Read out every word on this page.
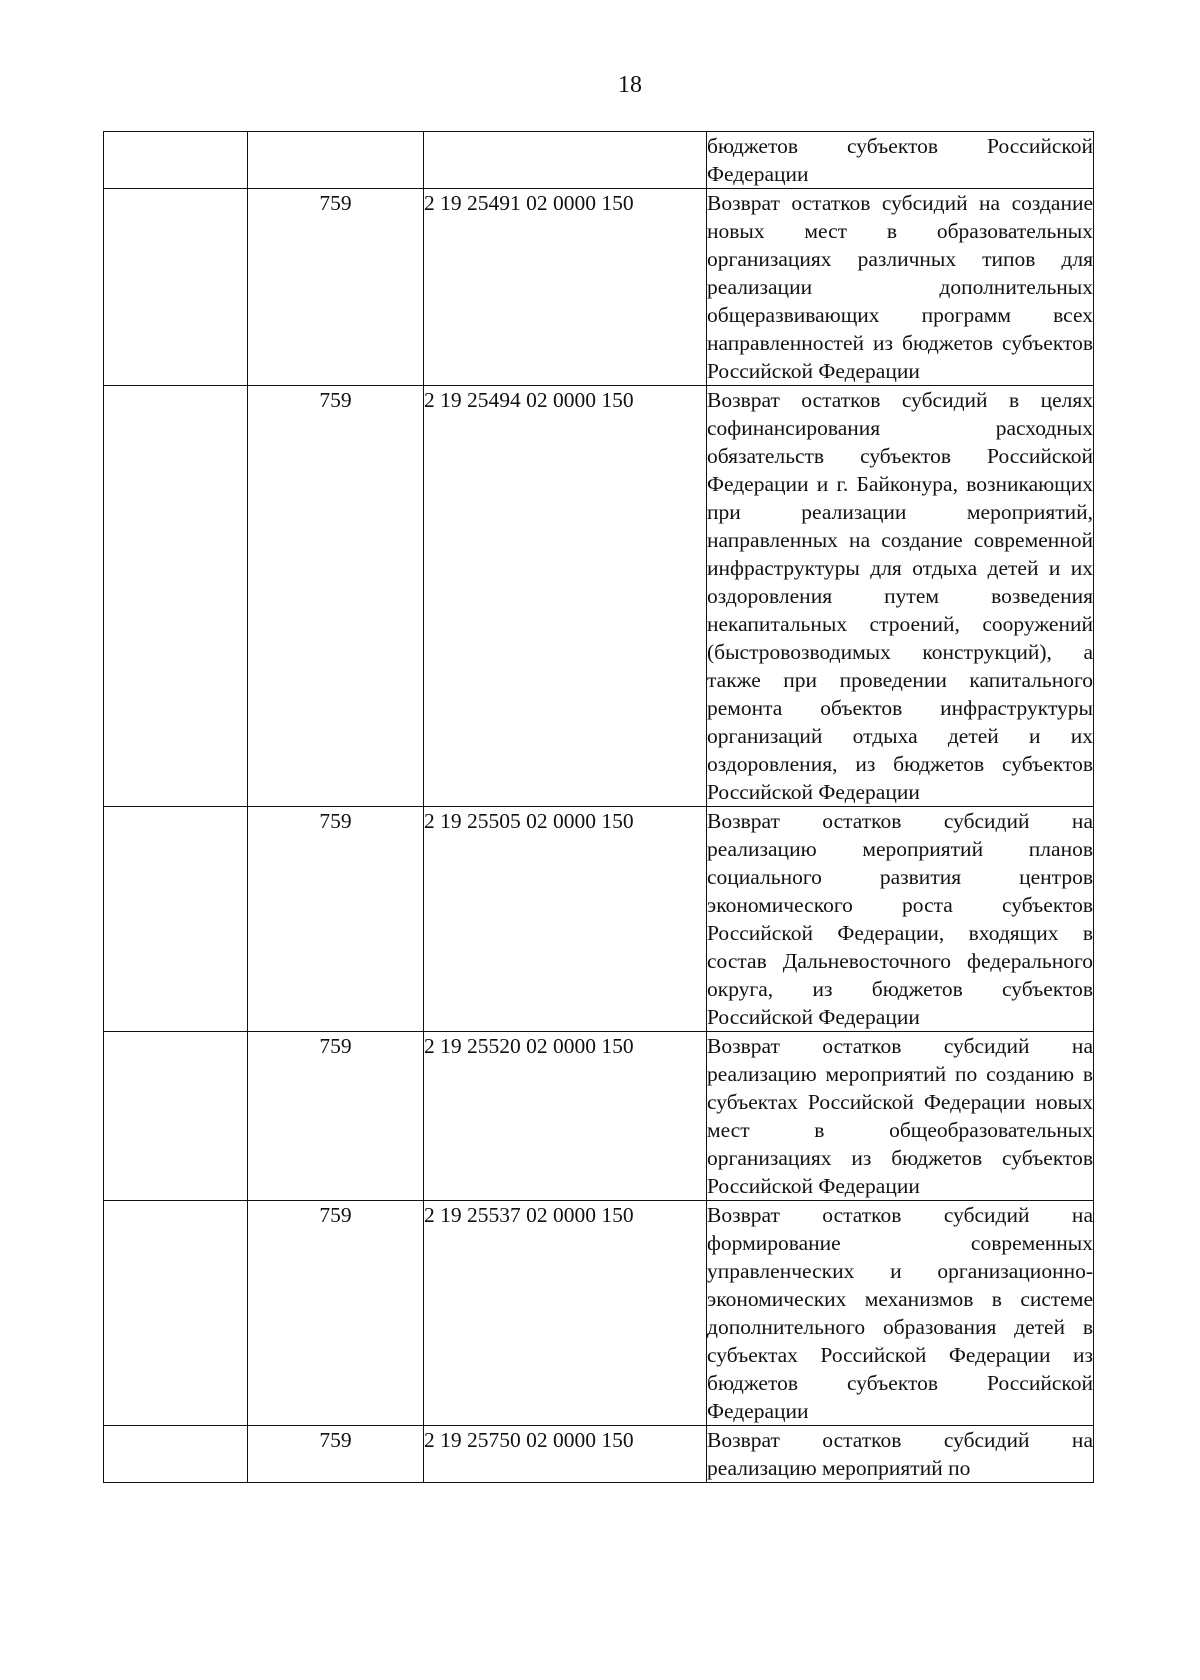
18

			бюджетов субъектов Российской Федерации

	759	2 19 25491 02 0000 150	Возврат остатков субсидий на создание новых мест в образовательных организациях различных типов для реализации дополнительных общеразвивающих программ всех направленностей из бюджетов субъектов Российской Федерации

	759	2 19 25494 02 0000 150	Возврат остатков субсидий в целях софинансирования расходных обязательств субъектов Российской Федерации и г. Байконура, возникающих при реализации мероприятий, направленных на создание современной инфраструктуры для отдыха детей и их оздоровления путем возведения некапитальных строений, сооружений (быстровозводимых конструкций), а также при проведении капитального ремонта объектов инфраструктуры организаций отдыха детей и их оздоровления, из бюджетов субъектов Российской Федерации

	759	2 19 25505 02 0000 150	Возврат остатков субсидий на реализацию мероприятий планов социального развития центров экономического роста субъектов Российской Федерации, входящих в состав Дальневосточного федерального округа, из бюджетов субъектов Российской Федерации

	759	2 19 25520 02 0000 150	Возврат остатков субсидий на реализацию мероприятий по созданию в субъектах Российской Федерации новых мест в общеобразовательных организациях из бюджетов субъектов Российской Федерации

	759	2 19 25537 02 0000 150	Возврат остатков субсидий на формирование современных управленческих и организационно-экономических механизмов в системе дополнительного образования детей в субъектах Российской Федерации из бюджетов субъектов Российской Федерации

	759	2 19 25750 02 0000 150	Возврат остатков субсидий на реализацию мероприятий по
